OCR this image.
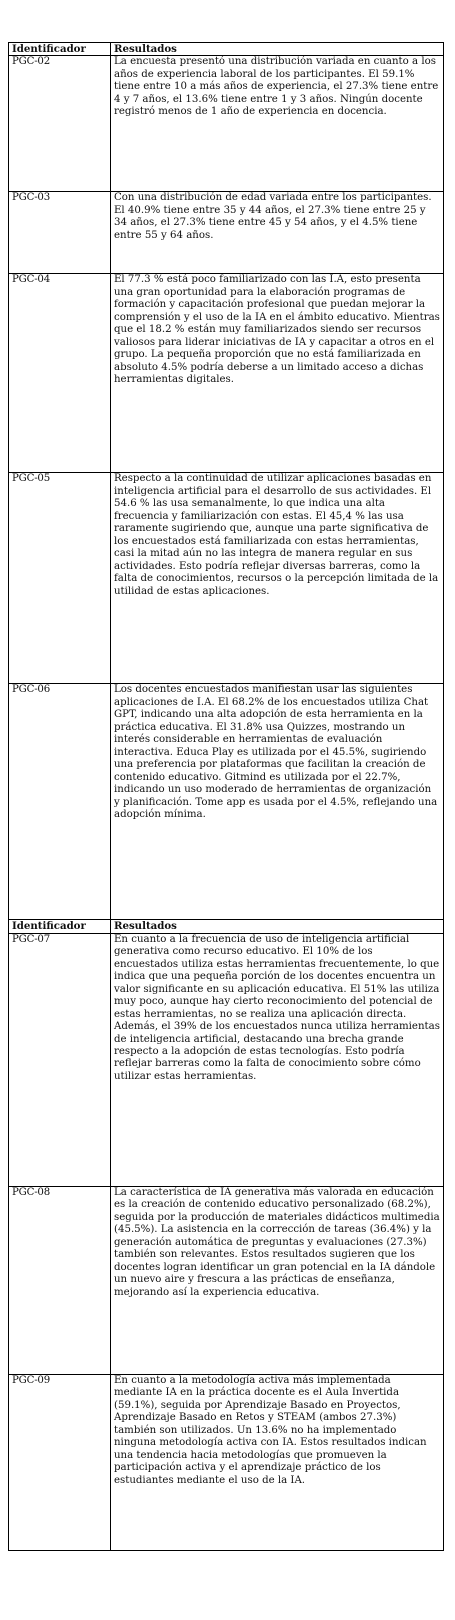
Identificador	Resultados
PGC-02	La encuesta presentó una distribución variada en cuanto a los años de experiencia laboral de los participantes. El 59.1% tiene entre 10 a más años de experiencia, el 27.3% tiene entre 4 y 7 años, el 13.6% tiene entre 1 y 3 años. Ningún docente registró menos de 1 año de experiencia en docencia.
PGC-03	Con una distribución de edad variada entre los participantes. El 40.9% tiene entre 35 y 44 años, el 27.3% tiene entre 25 y 34 años, el 27.3% tiene entre 45 y 54 años, y el 4.5% tiene entre 55 y 64 años.
PGC-04	El 77.3 % está poco familiarizado con las I.A, esto presenta una gran oportunidad para la elaboración programas de formación y capacitación profesional que puedan mejorar la comprensión y el uso de la IA en el ámbito educativo. Mientras que el 18.2 % están muy familiarizados siendo ser recursos valiosos para liderar iniciativas de IA y capacitar a otros en el grupo. La pequeña proporción que no está familiarizada en absoluto 4.5% podría deberse a un limitado acceso a dichas herramientas digitales.
PGC-05	Respecto a la continuidad de utilizar aplicaciones basadas en inteligencia artificial para el desarrollo de sus actividades. El 54.6 % las usa semanalmente, lo que indica una alta frecuencia y familiarización con estas. El 45,4 % las usa raramente sugiriendo que, aunque una parte significativa de los encuestados está familiarizada con estas herramientas, casi la mitad aún no las integra de manera regular en sus actividades. Esto podría reflejar diversas barreras, como la falta de conocimientos, recursos o la percepción limitada de la utilidad de estas aplicaciones.
PGC-06	Los docentes encuestados manifiestan usar las siguientes aplicaciones de I.A. El 68.2% de los encuestados utiliza Chat GPT, indicando una alta adopción de esta herramienta en la práctica educativa. El 31.8% usa Quizzes, mostrando un interés considerable en herramientas de evaluación interactiva. Educa Play es utilizada por el 45.5%, sugiriendo una preferencia por plataformas que facilitan la creación de contenido educativo. Gitmind es utilizada por el 22.7%, indicando un uso moderado de herramientas de organización y planificación. Tome app es usada por el 4.5%, reflejando una adopción mínima.
Identificador	Resultados
PGC-07	En cuanto a la frecuencia de uso de inteligencia artificial generativa como recurso educativo. El 10% de los encuestados utiliza estas herramientas frecuentemente, lo que indica que una pequeña porción de los docentes encuentra un valor significante en su aplicación educativa. El 51% las utiliza muy poco, aunque hay cierto reconocimiento del potencial de estas herramientas, no se realiza una aplicación directa. Además, el 39% de los encuestados nunca utiliza herramientas de inteligencia artificial, destacando una brecha grande respecto a la adopción de estas tecnologías. Esto podría reflejar barreras como la falta de conocimiento sobre cómo utilizar estas herramientas.
PGC-08	La característica de IA generativa más valorada en educación es la creación de contenido educativo personalizado (68.2%), seguida por la producción de materiales didácticos multimedia (45.5%). La asistencia en la corrección de tareas (36.4%) y la generación automática de preguntas y evaluaciones (27.3%) también son relevantes. Estos resultados sugieren que los docentes logran identificar un gran potencial en la IA dándole un nuevo aire y frescura a las prácticas de enseñanza, mejorando así la experiencia educativa.
PGC-09	En cuanto a la metodología activa más implementada mediante IA en la práctica docente es el Aula Invertida (59.1%), seguida por Aprendizaje Basado en Proyectos, Aprendizaje Basado en Retos y STEAM (ambos 27.3%) también son utilizados. Un 13.6% no ha implementado ninguna metodología activa con IA. Estos resultados indican una tendencia hacia metodologías que promueven la participación activa y el aprendizaje práctico de los estudiantes mediante el uso de la IA.
